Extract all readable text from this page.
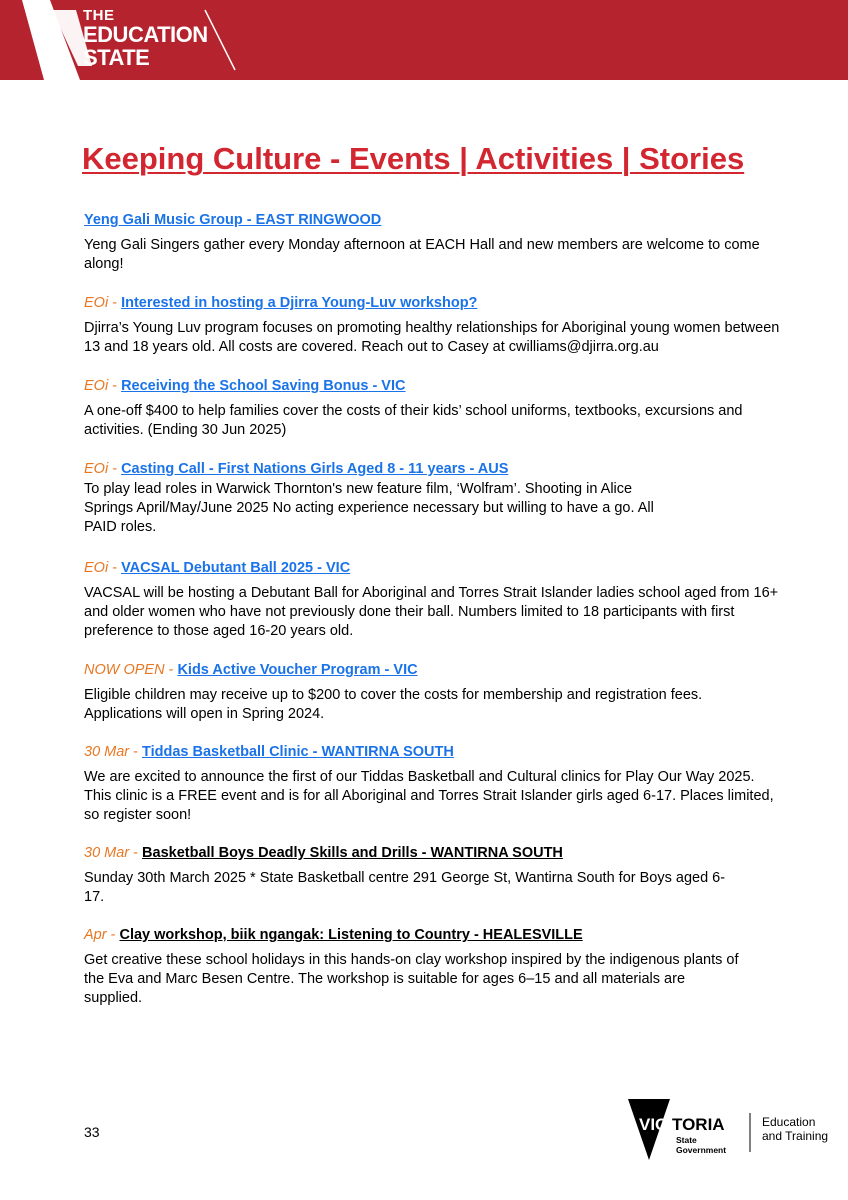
THE
EDUCATION
STATE
Keeping Culture - Events | Activities | Stories
Yeng Gali Music Group - EAST RINGWOOD

Yeng Gali Singers gather every Monday afternoon at EACH Hall and new members are welcome to come along!

EOi - Interested in hosting a Djirra Young-Luv workshop?

Djirra’s Young Luv program focuses on promoting healthy relationships for Aboriginal young women between 13 and 18 years old. All costs are covered. Reach out to Casey at cwilliams@djirra.org.au

EOi - Receiving the School Saving Bonus - VIC

A one-off $400 to help families cover the costs of their kids’ school uniforms, textbooks, excursions and activities. (Ending 30 Jun 2025)

EOi - Casting Call - First Nations Girls Aged 8 - 11 years - AUS

To play lead roles in Warwick Thornton's new feature film, ‘Wolfram’. Shooting in Alice Springs April/May/June 2025 No acting experience necessary but willing to have a go. All PAID roles.

EOi - VACSAL Debutant Ball 2025 - VIC

VACSAL will be hosting a Debutant Ball for Aboriginal and Torres Strait Islander ladies school aged from 16+ and older women who have not previously done their ball. Numbers limited to 18 participants with first preference to those aged 16-20 years old.

NOW OPEN - Kids Active Voucher Program - VIC

Eligible children may receive up to $200 to cover the costs for membership and registration fees. Applications will open in Spring 2024.

30 Mar - Tiddas Basketball Clinic - WANTIRNA SOUTH

We are excited to announce the first of our Tiddas Basketball and Cultural clinics for Play Our Way 2025. This clinic is a FREE event and is for all Aboriginal and Torres Strait Islander girls aged 6-17. Places limited, so register soon!

30 Mar - Basketball Boys Deadly Skills and Drills - WANTIRNA SOUTH

Sunday 30th March 2025 * State Basketball centre 291 George St, Wantirna South for Boys aged 6-17.

Apr - Clay workshop, biik ngangak: Listening to Country - HEALESVILLE

Get creative these school holidays in this hands-on clay workshop inspired by the indigenous plants of the Eva and Marc Besen Centre. The workshop is suitable for ages 6–15 and all materials are supplied.

33	VIC TORIA
State
Government
Education
and Training
